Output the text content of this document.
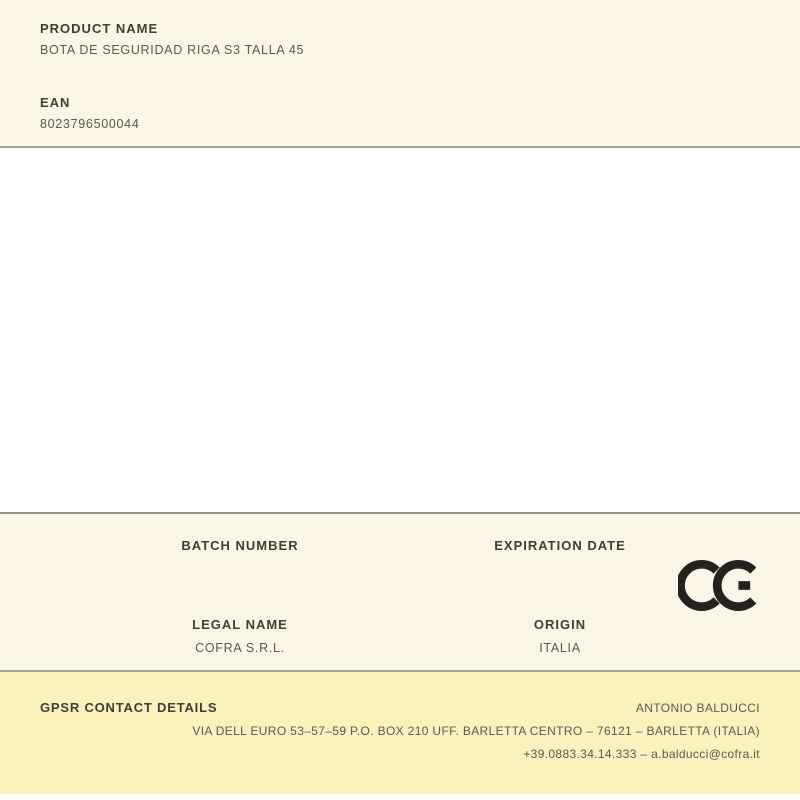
PRODUCT NAME
BOTA DE SEGURIDAD RIGA S3 TALLA 45
EAN
8023796500044
BATCH NUMBER	EXPIRATION DATE
LEGAL NAME
COFRA S.R.L.
ORIGIN
ITALIA
GPSR CONTACT DETAILS	ANTONIO BALDUCCI
VIA DELL EURO 53–57–59 P.O. BOX 210 UFF. BARLETTA CENTRO – 76121 – BARLETTA (ITALIA)
+39.0883.34.14.333 – a.balducci@cofra.it
